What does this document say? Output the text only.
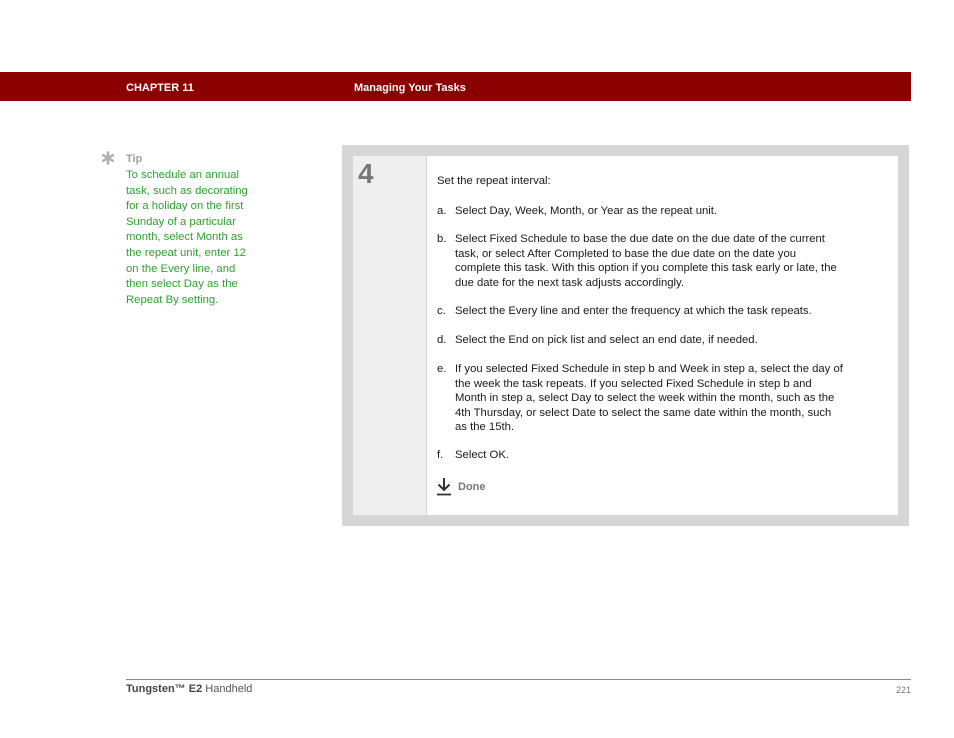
CHAPTER 11	Managing Your Tasks
Tip
To schedule an annual
task, such as decorating
for a holiday on the first
Sunday of a particular
month, select Month as
the repeat unit, enter 12
on the Every line, and
then select Day as the
Repeat By setting.
4	Set the repeat interval:
a. Select Day, Week, Month, or Year as the repeat unit.
b. Select Fixed Schedule to base the due date on the due date of the current
task, or select After Completed to base the due date on the date you
complete this task. With this option if you complete this task early or late, the
due date for the next task adjusts accordingly.
c. Select the Every line and enter the frequency at which the task repeats.
d. Select the End on pick list and select an end date, if needed.
e. If you selected Fixed Schedule in step b and Week in step a, select the day of
the week the task repeats. If you selected Fixed Schedule in step b and
Month in step a, select Day to select the week within the month, such as the
4th Thursday, or select Date to select the same date within the month, such
as the 15th.
f. Select OK.
Done
Tungsten™ E2 Handheld	221
